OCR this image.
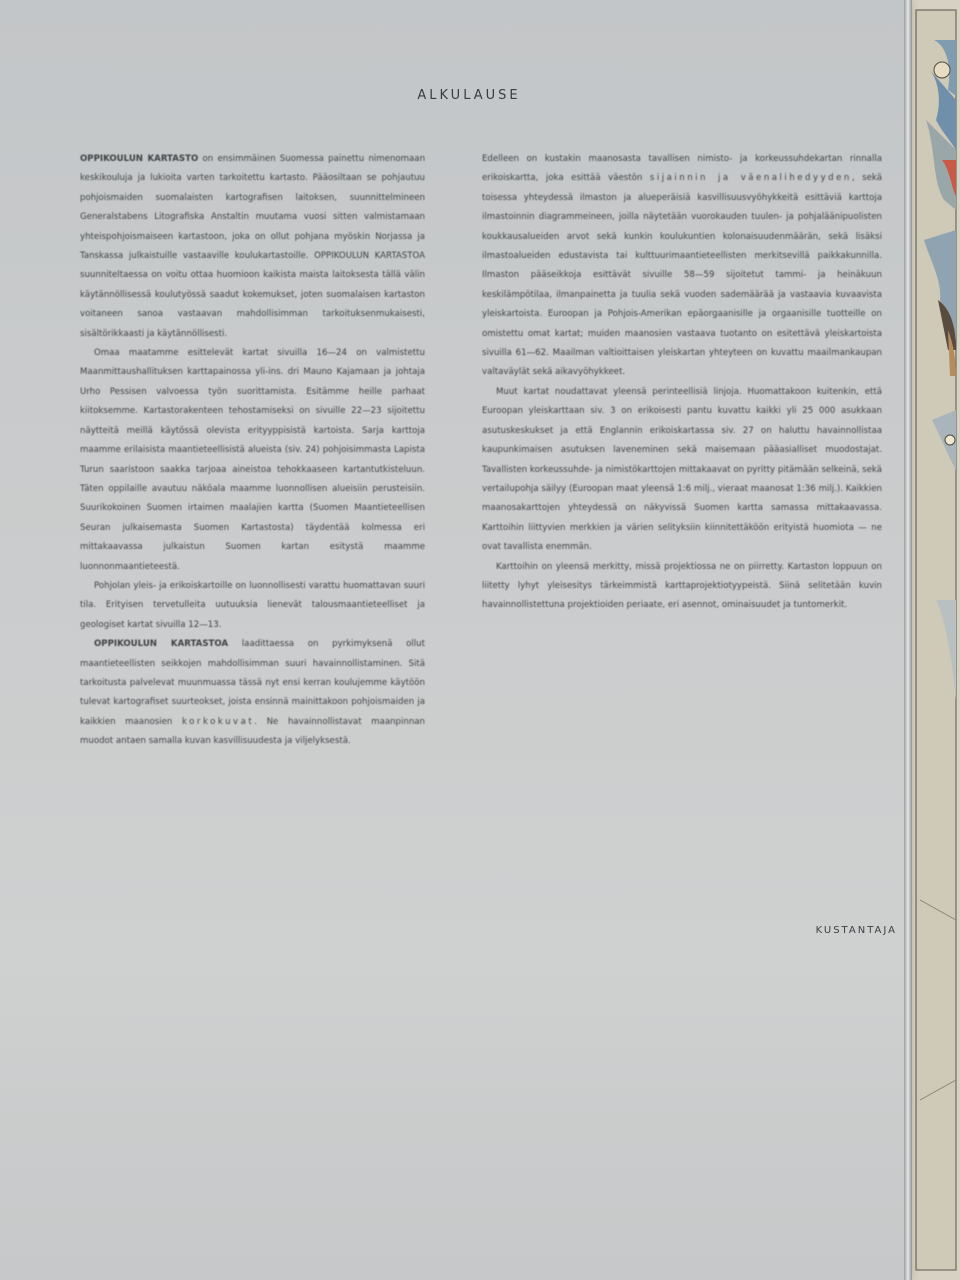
ALKULAUSE

OPPIKOULUN KARTASTO on ensimmäinen Suomessa painettu nimenomaan keskikouluja ja lukioita varten tarkoitettu kartasto. Pääosiltaan se pohjautuu pohjoismaiden suomalaisten kartografisen laitoksen, suunnittelmineen Generalstabens Litografiska Anstaltin muutama vuosi sitten valmistamaan yhteispohjoismaiseen kartastoon, joka on ollut pohjana myöskin Norjassa ja Tanskassa julkaistuille vastaaville koulukartastoille. OPPIKOULUN KARTASTOA suunniteltaessa on voitu ottaa huomioon kaikista maista laitoksesta tällä välin käytännöllisessä koulutyössä saadut kokemukset, joten suomalaisen kartaston voitaneen sanoa vastaavan mahdollisimman tarkoituksenmukaisesti, sisältörikkaasti ja käytännöllisesti.

Omaa maatamme esittelevät kartat sivuilla 16—24 on valmistettu Maanmittaushallituksen karttapainossa yli-ins. dri Mauno Kajamaan ja johtaja Urho Pessisen valvoessa työn suorittamista. Esitämme heille parhaat kiitoksemme. Kartastorakenteen tehostamiseksi on sivuille 22—23 sijoitettu näytteitä meillä käytössä olevista erityyppisistä kartoista. Sarja karttoja maamme erilaisista maantieteellisistä alueista (siv. 24) pohjoisimmasta Lapista Turun saaristoon saakka tarjoaa aineistoa tehokkaaseen kartantutkisteluun. Täten oppilaille avautuu näköala maamme luonnollisen alueisiin perusteisiin. Suurikokoinen Suomen irtaimen maalajien kartta (Suomen Maantieteellisen Seuran julkaisemasta Suomen Kartastosta) täydentää kolmessa eri mittakaavassa julkaistun Suomen kartan esitystä maamme luonnonmaantieteestä.

Pohjolan yleis- ja erikoiskartoille on luonnollisesti varattu huomattavan suuri tila. Erityisen tervetulleita uutuuksia lienevät talousmaantieteelliset ja geologiset kartat sivuilla 12—13.

OPPIKOULUN KARTASTOA laadittaessa on pyrkimyksenä ollut maantieteellisten seikkojen mahdollisimman suuri havainnollistaminen. Sitä tarkoitusta palvelevat muunmuassa tässä nyt ensi kerran koulujemme käytöön tulevat kartografiset suurteokset, joista ensinnä mainittakoon pohjoismaiden ja kaikkien maanosien korkokuvat. Ne havainnollistavat maanpinnan muodot antaen samalla kuvan kasvillisuudesta ja viljelyksestä.

Edelleen on kustakin maanosasta tavallisen nimisto- ja korkeussuhdekartan rinnalla erikoiskartta, joka esittää väestön sijainnin ja väenalihedyyden, sekä toisessa yhteydessä ilmaston ja alueperäisiä kasvillisuusvyöhykkeitä esittäviä karttoja ilmastoinnin diagrammeineen, joilla näytetään vuorokauden tuulen- ja pohjaläänipuolisten koukkausalueiden arvot sekä kunkin koulukuntien kolonaisuudenmäärän, sekä lisäksi ilmastoalueiden edustavista tai kulttuurimaantieteellisten merkitsevillä paikkakunnilla. Ilmaston pääseikkoja esittävät sivuille 58—59 sijoitetut tammi- ja heinäkuun keskilämpötilaa, ilmanpainetta ja tuulia sekä vuoden sademäärää ja vastaavia kuvaavista yleiskartoista. Euroopan ja Pohjois-Amerikan epäorgaanisille ja orgaanisille tuotteille on omistettu omat kartat; muiden maanosien vastaava tuotanto on esitettävä yleiskartoista sivuilla 61—62. Maailman valtioittaisen yleiskartan yhteyteen on kuvattu maailmankaupan valtaväylät sekä aikavyöhykkeet.

Muut kartat noudattavat yleensä perinteellisiä linjoja. Huomattakoon kuitenkin, että Euroopan yleiskarttaan siv. 3 on erikoisesti pantu kuvattu kaikki yli 25 000 asukkaan asutuskeskukset ja että Englannin erikoiskartassa siv. 27 on haluttu havainnollistaa kaupunkimaisen asutuksen laveneminen sekä maisemaan pääasialliset muodostajat. Tavallisten korkeussuhde- ja nimistökarttojen mittakaavat on pyritty pitämään selkeinä, sekä vertailupohja säilyy (Euroopan maat yleensä 1:6 milj., vieraat maanosat 1:36 milj.). Kaikkien maanosakarttojen yhteydessä on näkyvissä Suomen kartta samassa mittakaavassa. Karttoihin liittyvien merkkien ja värien selityksiin kiinnitettäköön erityistä huomiota — ne ovat tavallista enemmän.

Karttoihin on yleensä merkitty, missä projektiossa ne on piirretty. Kartaston loppuun on liitetty lyhyt yleisesitys tärkeimmistä karttaprojektiotyypeistä. Siinä selitetään kuvin havainnollistettuna projektioiden periaate, eri asennot, ominaisuudet ja tuntomerkit.

KUSTANTAJA
